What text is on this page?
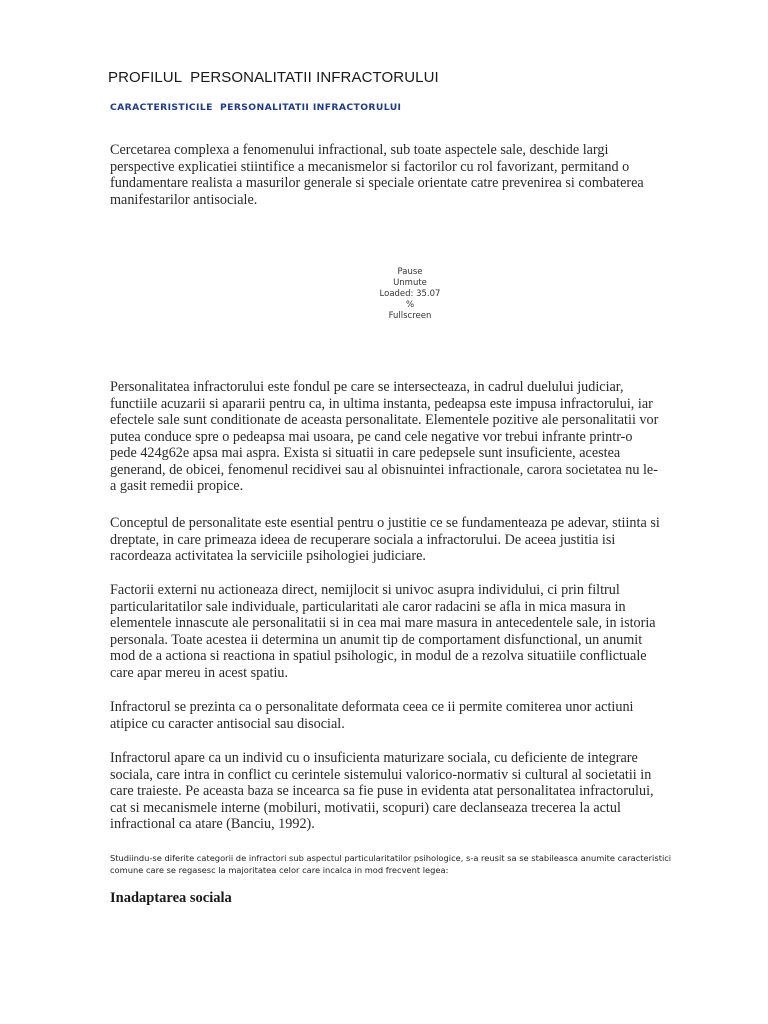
PROFILUL  PERSONALITATII INFRACTORULUI
CARACTERISTICILE  PERSONALITATII INFRACTORULUI

Cercetarea complexa a fenomenului infractional, sub toate aspectele sale, deschide largi
perspective explicatiei stiintifice a mecanismelor si factorilor cu rol favorizant, permitand o
fundamentare realista a masurilor generale si speciale orientate catre prevenirea si combaterea
manifestarilor antisociale.

Pause
Unmute
Loaded: 35.07
%
Fullscreen

Personalitatea infractorului este fondul pe care se intersecteaza, in cadrul duelului judiciar,
functiile acuzarii si apararii pentru ca, in ultima instanta, pedeapsa este impusa infractorului, iar
efectele sale sunt conditionate de aceasta personalitate. Elementele pozitive ale personalitatii vor
putea conduce spre o pedeapsa mai usoara, pe cand cele negative vor trebui infrante printr-o
pede 424g62e apsa mai aspra. Exista si situatii in care pedepsele sunt insuficiente, acestea
generand, de obicei, fenomenul recidivei sau al obisnuintei infractionale, carora societatea nu le-
a gasit remedii propice.

Conceptul de personalitate este esential pentru o justitie ce se fundamenteaza pe adevar, stiinta si
dreptate, in care primeaza ideea de recuperare sociala a infractorului. De aceea justitia isi
racordeaza activitatea la serviciile psihologiei judiciare.

Factorii externi nu actioneaza direct, nemijlocit si univoc asupra individului, ci prin filtrul
particularitatilor sale individuale, particularitati ale caror radacini se afla in mica masura in
elementele innascute ale personalitatii si in cea mai mare masura in antecedentele sale, in istoria
personala. Toate acestea ii determina un anumit tip de comportament disfunctional, un anumit
mod de a actiona si reactiona in spatiul psihologic, in modul de a rezolva situatiile conflictuale
care apar mereu in acest spatiu.

Infractorul se prezinta ca o personalitate deformata ceea ce ii permite comiterea unor actiuni
atipice cu caracter antisocial sau disocial.

Infractorul apare ca un individ cu o insuficienta maturizare sociala, cu deficiente de integrare
sociala, care intra in conflict cu cerintele sistemului valorico-normativ si cultural al societatii in
care traieste. Pe aceasta baza se incearca sa fie puse in evidenta atat personalitatea infractorului,
cat si mecanismele interne (mobiluri, motivatii, scopuri) care declanseaza trecerea la actul
infractional ca atare (Banciu, 1992).

Studiindu-se diferite categorii de infractori sub aspectul particularitatilor psihologice, s-a reusit sa se stabileasca anumite caracteristici
comune care se regasesc la majoritatea celor care incalca in mod frecvent legea:

Inadaptarea sociala
